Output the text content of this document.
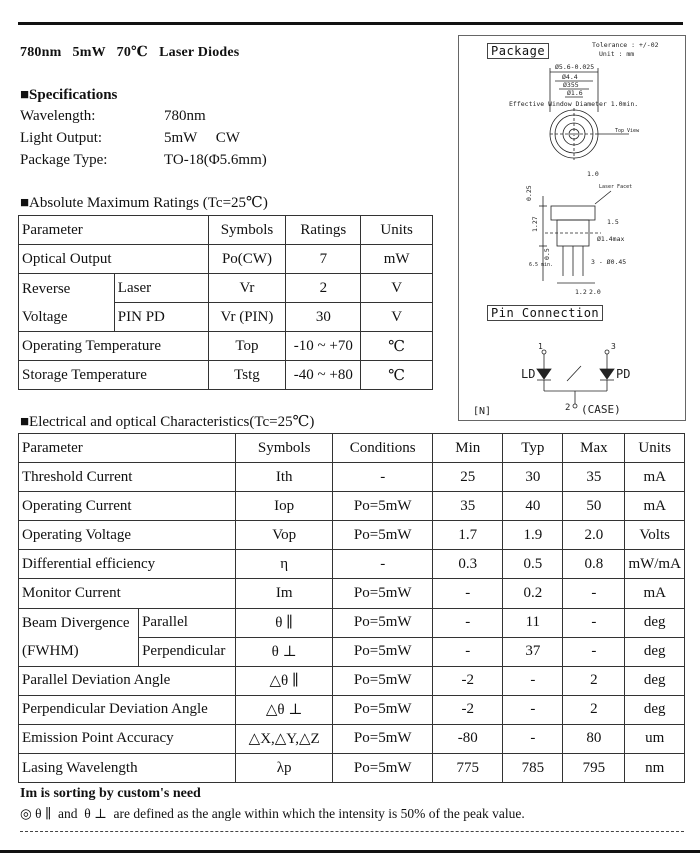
780nm   5mW   70℃   Laser Diodes
■Specifications
Wavelength:	780nm
Light Output:	5mW     CW
Package Type:	TO-18(Φ5.6mm)
■Absolute Maximum Ratings (Tc=25℃)
Parameter		Symbols	Ratings	Units
Optical Output		Po(CW)	7	mW

Reverse
Voltage	Laser	Vr	2	V
	PIN PD	Vr (PIN)	30	V
Operating Temperature		Top	-10 ~ +70	℃
Storage Temperature		Tstg	-40 ~ +80	℃
Tolerance : +/-02
Unit : mm
Ø5.6-0.025
Ø4.4
Ø355
Ø1.6
Effective Window Diameter 1.0min.
Top View
Laser Facet
Ø1.4max
3 - Ø0.45
0.25
1.0
1.5
0.5
1.27
2.0
1.2
6.5 min.
1	3
2
LD	PD
[N]	(CASE)
Package
Pin Connection
■Electrical and optical Characteristics(Tc=25℃)
Parameter		Symbols	Conditions	Min	Typ	Max	Units
Threshold Current		Ith	-	25	30	35	mA
Operating Current		Iop	Po=5mW	35	40	50	mA
Operating Voltage		Vop	Po=5mW	1.7	1.9	2.0	Volts
Differential efficiency		η	-	0.3	0.5	0.8	mW/mA
Monitor Current		Im	Po=5mW	-	0.2	-	mA

Beam Divergence
(FWHM)	Parallel	θ ∥	Po=5mW	-	11	-	deg
	Perpendicular	θ ⊥	Po=5mW	-	37	-	deg
Parallel Deviation Angle		△θ ∥	Po=5mW	-2	-	2	deg
Perpendicular Deviation Angle		△θ ⊥	Po=5mW	-2	-	2	deg
Emission Point Accuracy		△X,△Y,△Z	Po=5mW	-80	-	80	um
Lasing Wavelength		λp	Po=5mW	775	785	795	nm
Im is sorting by custom's need
◎ θ ∥  and  θ ⊥  are defined as the angle within which the intensity is 50% of the peak value.
